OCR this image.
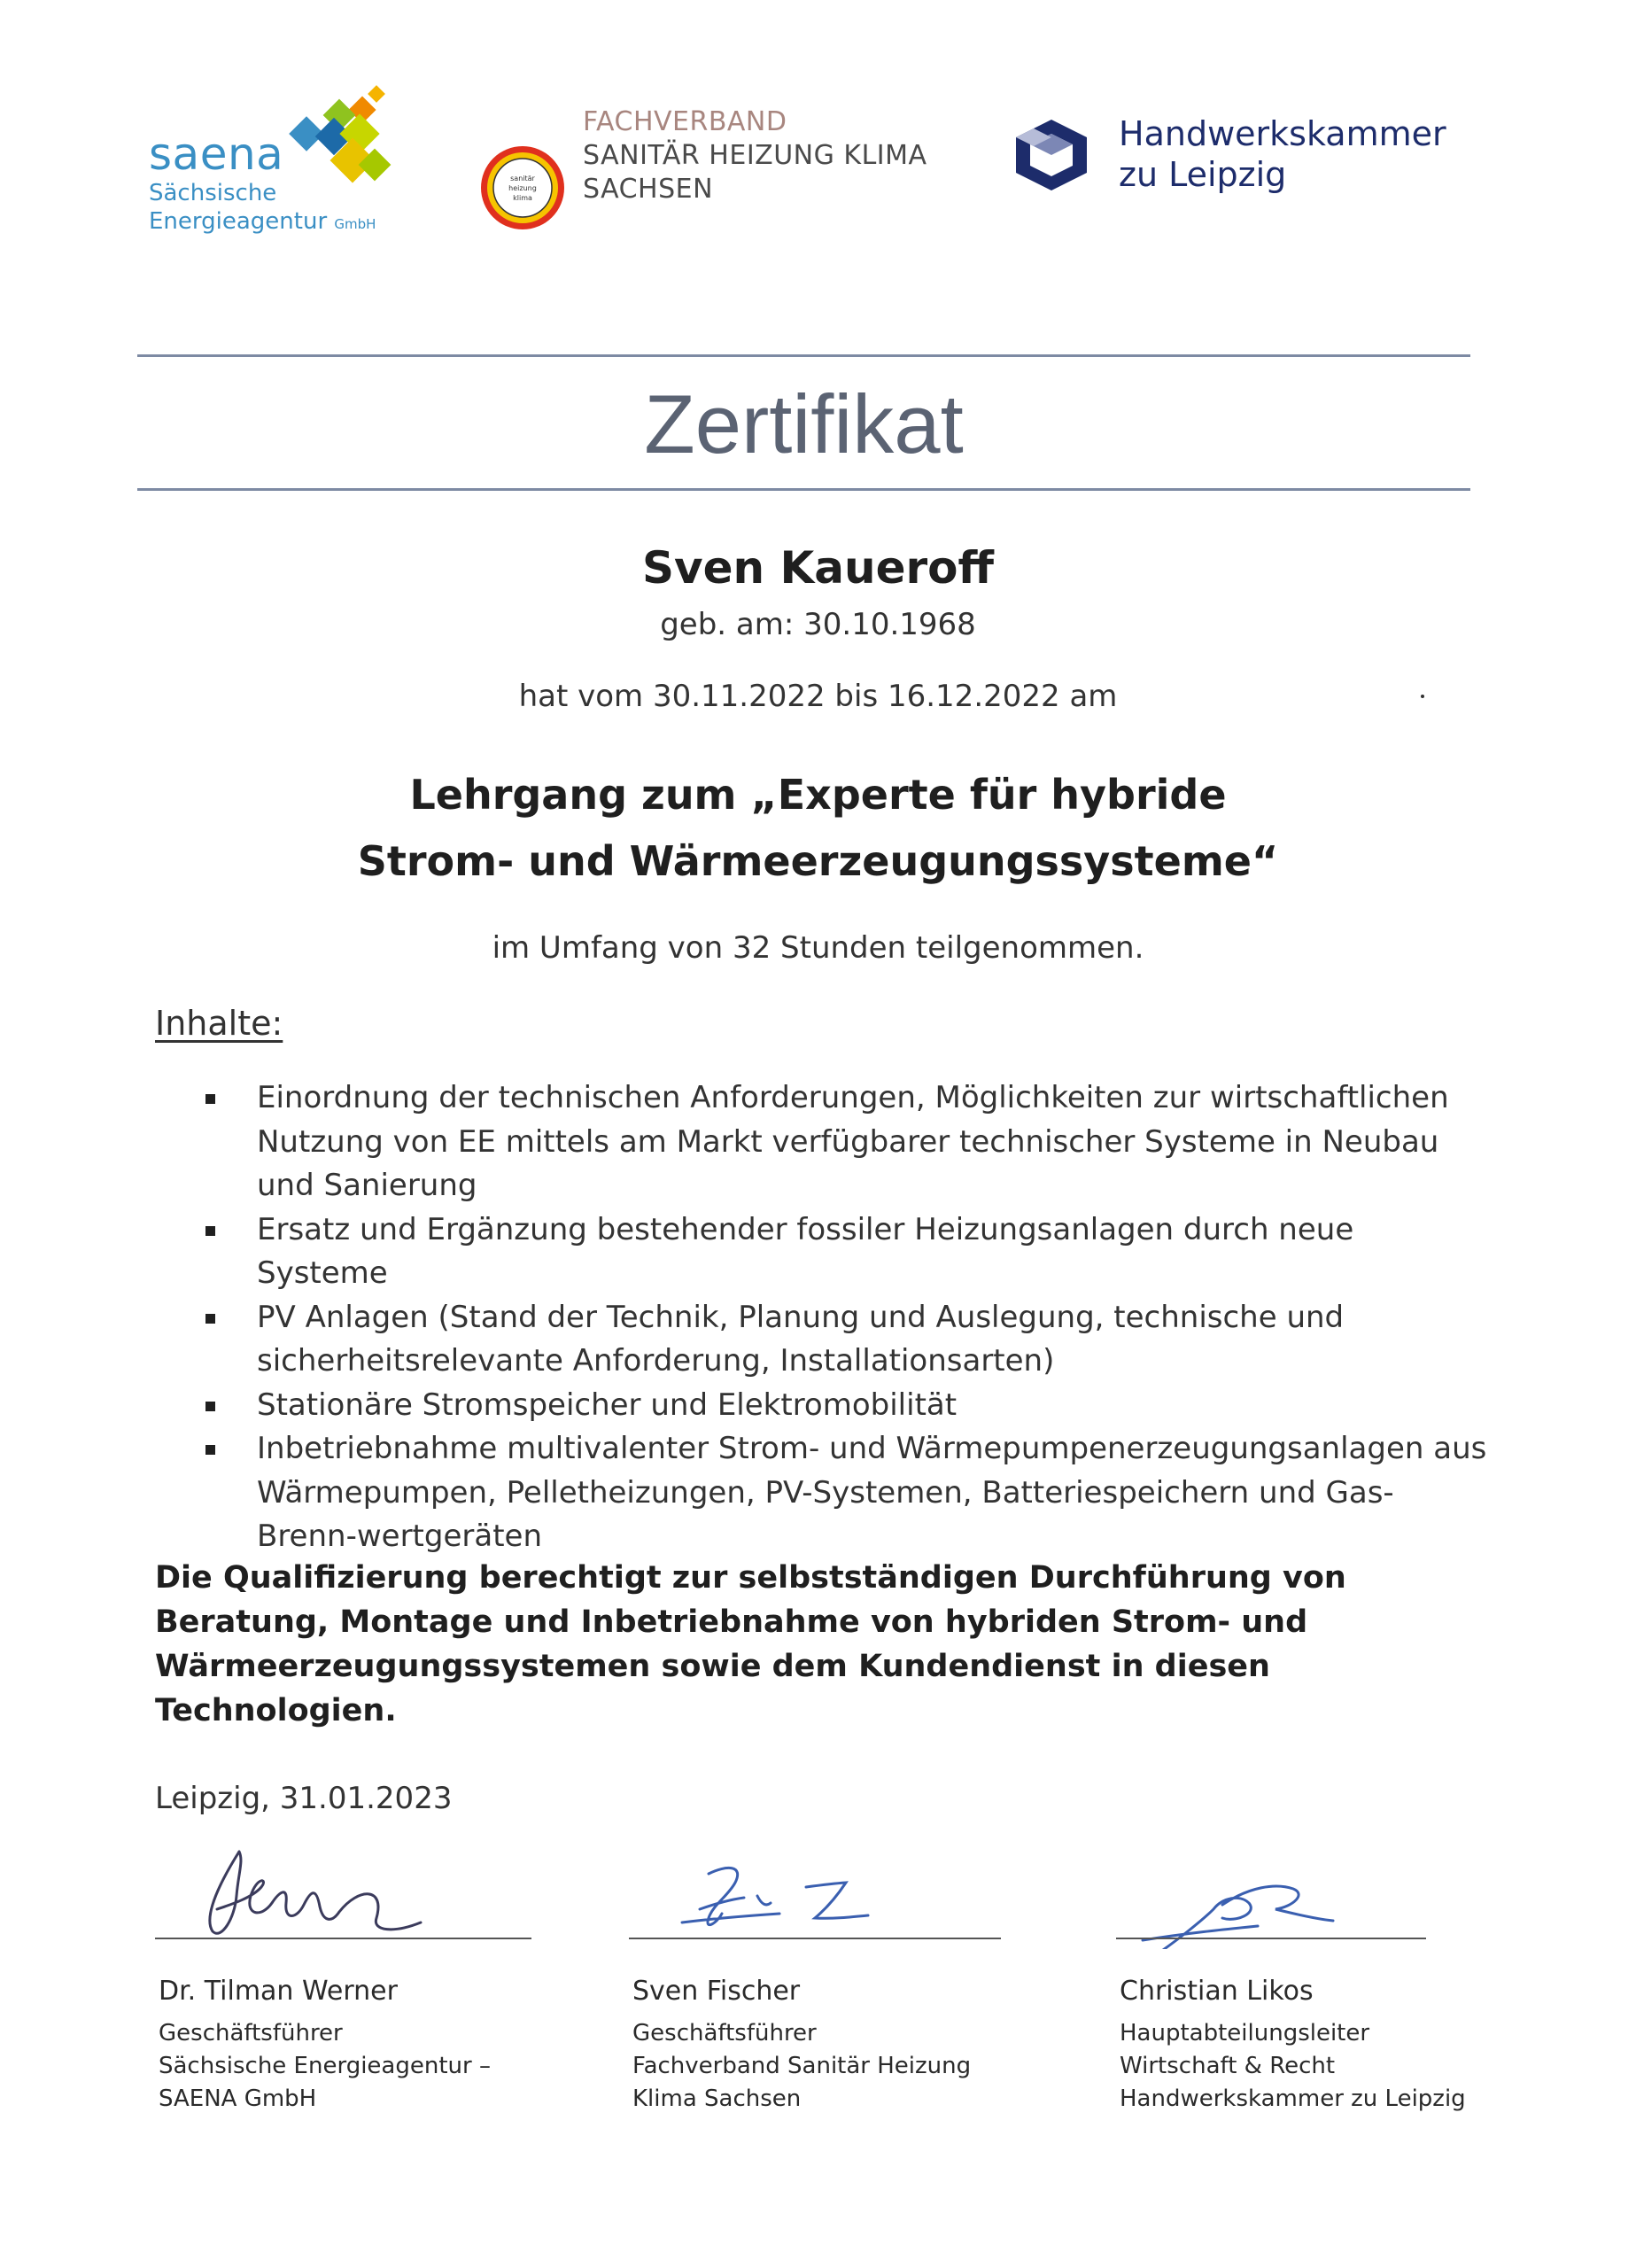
saena
Sächsische
Energieagentur GmbH
sanitär
heizung
klima
FACHVERBAND
SANITÄR HEIZUNG KLIMA
SACHSEN
Handwerkskammer
zu Leipzig
Zertifikat
Sven Kaueroff
geb. am: 30.10.1968
hat vom 30.11.2022 bis 16.12.2022 am
Lehrgang zum „Experte für hybride
Strom- und Wärmeerzeugungssysteme“
im Umfang von 32 Stunden teilgenommen.
Inhalte:
Einordnung der technischen Anforderungen, Möglichkeiten zur wirtschaftlichen Nutzung von EE mittels am Markt verfügbarer technischer Systeme in Neubau und Sanierung
Ersatz und Ergänzung bestehender fossiler Heizungsanlagen durch neue Systeme
PV Anlagen (Stand der Technik, Planung und Auslegung, technische und sicherheitsrelevante Anforderung, Installationsarten)
Stationäre Stromspeicher und Elektromobilität
Inbetriebnahme multivalenter Strom- und Wärmepumpenerzeugungsanlagen aus Wärmepumpen, Pelletheizungen, PV-Systemen, Batteriespeichern und Gas-Brenn-wertgeräten
Die Qualifizierung berechtigt zur selbstständigen Durchführung von Beratung, Montage und Inbetriebnahme von hybriden Strom- und Wärmeerzeugungssystemen sowie dem Kundendienst in diesen Technologien.
Leipzig, 31.01.2023
Dr. Tilman Werner
Geschäftsführer
Sächsische Energieagentur –
SAENA GmbH
Sven Fischer
Geschäftsführer
Fachverband Sanitär Heizung
Klima Sachsen
Christian Likos
Hauptabteilungsleiter
Wirtschaft & Recht
Handwerkskammer zu Leipzig
